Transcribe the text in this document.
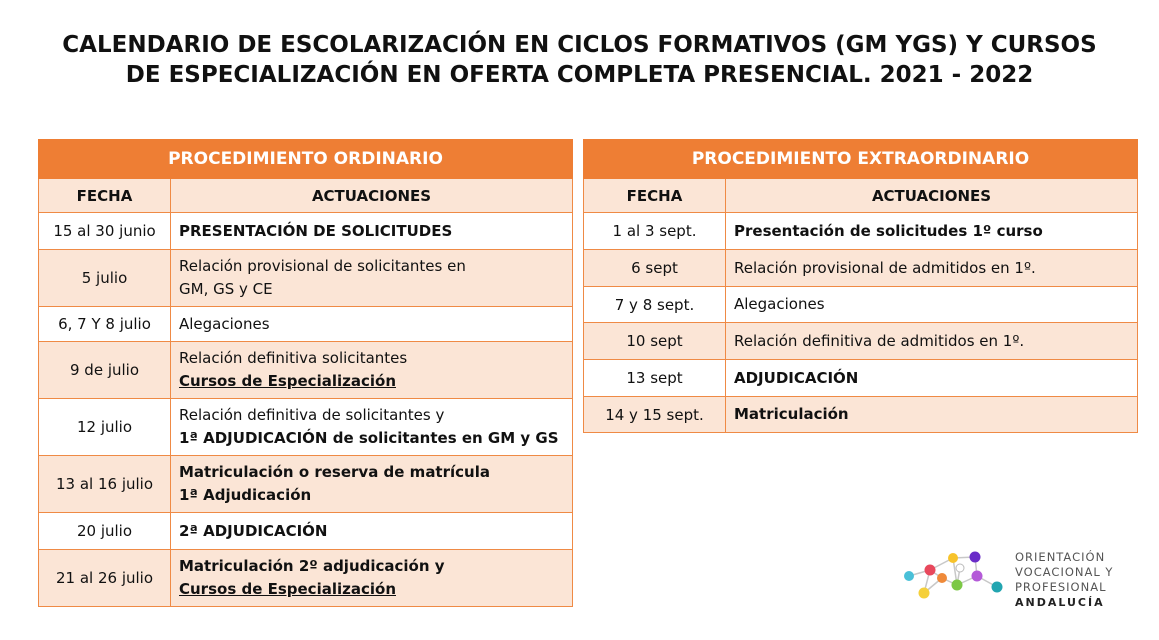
CALENDARIO DE ESCOLARIZACIÓN EN CICLOS FORMATIVOS (GM YGS) Y CURSOS
DE ESPECIALIZACIÓN EN OFERTA COMPLETA PRESENCIAL. 2021 - 2022
PROCEDIMIENTO ORDINARIO	
FECHA	ACTUACIONES
15 al 30 junio	PRESENTACIÓN DE SOLICITUDES
5 julio	Relación provisional de solicitantes en
GM, GS y CE

6, 7 Y 8 julio	Alegaciones
9 de julio	Relación definitiva solicitantes
Cursos de Especialización

12 julio	Relación definitiva de solicitantes y
1ª ADJUDICACIÓN de solicitantes en GM y GS

13 al 16 julio	Matriculación o reserva de matrícula
1ª Adjudicación

20 julio	2ª ADJUDICACIÓN
21 al 26 julio	Matriculación 2º adjudicación y
Cursos de Especialización
PROCEDIMIENTO EXTRAORDINARIO	
FECHA	ACTUACIONES
1 al 3 sept.	Presentación de solicitudes 1º curso
6 sept	Relación provisional de admitidos en 1º.
7 y 8 sept.	Alegaciones
10 sept	Relación definitiva de admitidos en 1º.
13 sept	ADJUDICACIÓN
14 y 15 sept.	Matriculación
ORIENTACIÓN
VOCACIONAL Y
PROFESIONAL
ANDALUCÍA
